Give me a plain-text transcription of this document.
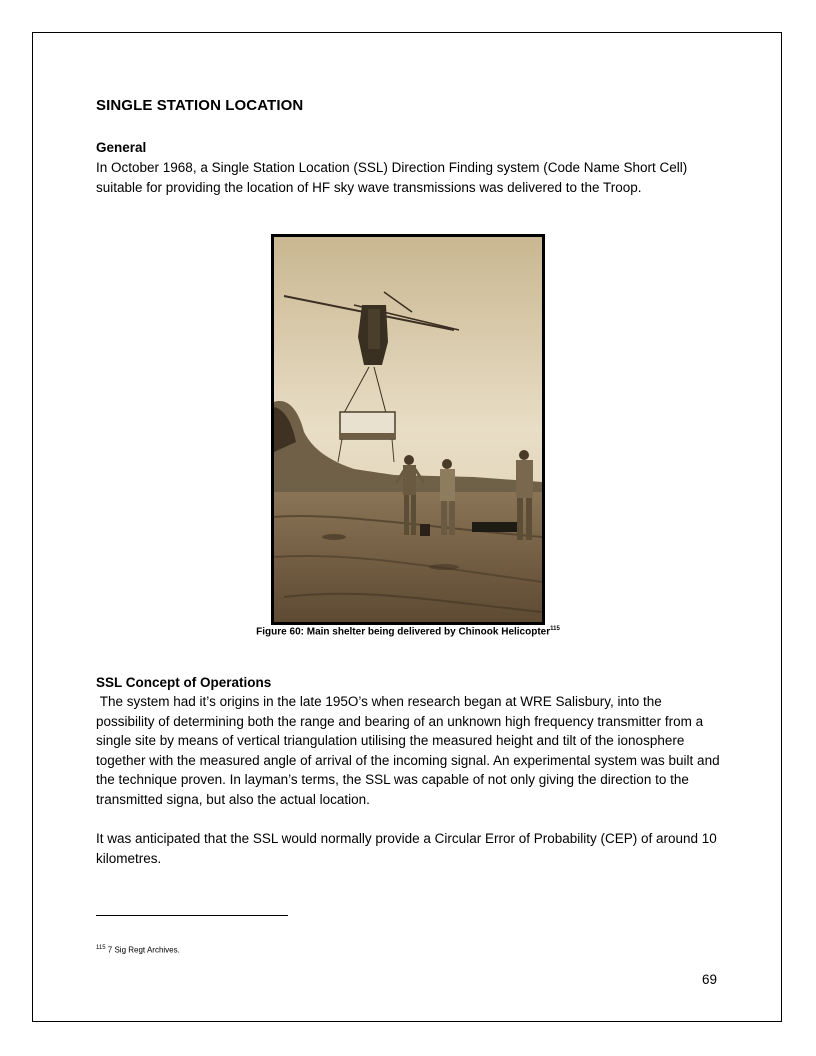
SINGLE STATION LOCATION
General

In October 1968, a Single Station Location (SSL) Direction Finding system (Code Name Short Cell) suitable for providing the location of HF sky wave transmissions was delivered to the Troop.

Figure 60: Main shelter being delivered by Chinook Helicopter$^{115}$
SSL Concept of Operations

The system had it’s origins in the late 195O’s when research began at WRE Salisbury, into the possibility of determining both the range and bearing of an unknown high frequency transmitter from a single site by means of vertical triangulation utilising the measured height and tilt of the ionosphere together with the measured angle of arrival of the incoming signal. An experimental system was built and the technique proven. In layman’s terms, the SSL was capable of not only giving the direction to the transmitted signa, but also the actual location.

It was anticipated that the SSL would normally provide a Circular Error of Probability (CEP) of around 10 kilometres.

$^{115}$ 7 Sig Regt Archives.
69
